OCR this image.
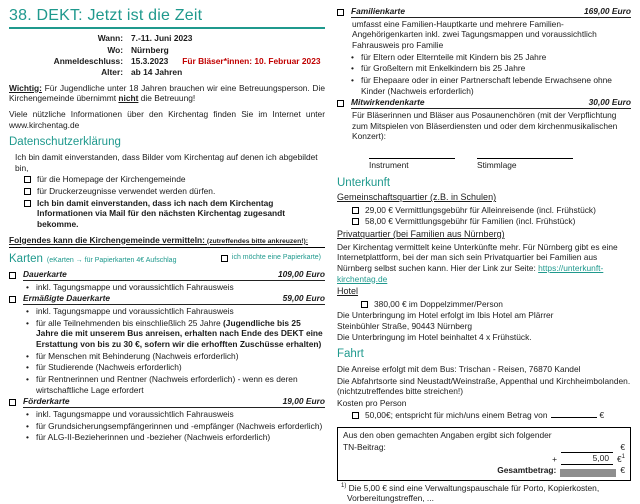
38. DEKT: Jetzt ist die Zeit
Wann: 7.-11. Juni 2023
Wo: Nürnberg
Anmeldeschluss: 15.3.2023 Für Bläser*innen: 10. Februar 2023
Alter: ab 14 Jahren
Wichtig: Für Jugendliche unter 18 Jahren brauchen wir eine Betreuungsperson. Die Kirchengemeinde übernimmt nicht die Betreuung!
Viele nützliche Informationen über den Kirchentag finden Sie im Internet unter www.kirchentag.de
Datenschutzerklärung
Ich bin damit einverstanden, dass Bilder vom Kirchentag auf denen ich abgebildet bin,
für die Homepage der Kirchengemeinde
für Druckerzeugnisse verwendet werden dürfen.
Ich bin damit einverstanden, dass ich nach dem Kirchentag Informationen via Mail für den nächsten Kirchentag zugesandt bekomme.
Folgendes kann die Kirchengemeinde vermitteln: (zutreffendes bitte ankreuzen!):
Karten (eKarten → für Papierkarten 4€ Aufschlag	ich möchte eine Papierkarte)
Dauerkarte	109,00 Euro
• inkl. Tagungsmappe und voraussichtlich Fahrausweis
Ermäßigte Dauerkarte	59,00 Euro
• inkl. Tagungsmappe und voraussichtlich Fahrausweis
• für alle Teilnehmenden bis einschließlich 25 Jahre (Jugendliche bis 25 Jahre die mit unserem Bus anreisen, erhalten nach Ende des DEKT eine Erstattung von bis zu 30 €, sofern wir die erhofften Zuschüsse erhalten)
• für Menschen mit Behinderung (Nachweis erforderlich)
• für Studierende (Nachweis erforderlich)
• für Rentnerinnen und Rentner (Nachweis erforderlich) - wenn es deren wirtschaftliche Lage erfordert
Förderkarte	19,00 Euro
• inkl. Tagungsmappe und voraussichtlich Fahrausweis
• für Grundsicherungsempfängerinnen und -empfänger (Nachweis erforderlich)
• für ALG-II-Bezieherinnen und -bezieher (Nachweis erforderlich)
Familienkarte	169,00 Euro
umfasst eine Familien-Hauptkarte und mehrere Familien-Angehörigenkarten inkl. zwei Tagungsmappen und voraussichtlich Fahrausweis pro Familie
• für Eltern oder Elternteile mit Kindern bis 25 Jahre
• für Großeltern mit Enkelkindern bis 25 Jahre
• für Ehepaare oder in einer Partnerschaft lebende Erwachsene ohne Kinder (Nachweis erforderlich)
Mitwirkendenkarte	30,00 Euro
Für Bläserinnen und Bläser aus Posaunenchören (mit der Verpflichtung zum Mitspielen von Bläserdiensten und oder dem kirchenmusikalischen Konzert):
Instrument	Stimmlage
Unterkunft
Gemeinschaftsquartier (z.B. in Schulen)
29,00 € Vermittlungsgebühr für Alleinreisende (incl. Frühstück)
58,00 € Vermittlungsgebühr für Familien (incl. Frühstück)
Privatquartier (bei Familien aus Nürnberg)
Der Kirchentag vermittelt keine Unterkünfte mehr. Für Nürnberg gibt es eine Internetplattform, bei der man sich sein Privatquartier bei Familien aus Nürnberg selbst suchen kann. Hier der Link zur Seite: https://unterkunft-kirchentag.de
Hotel
380,00 € im Doppelzimmer/Person
Die Unterbringung im Hotel erfolgt im Ibis Hotel am Plärrer
Steinbühler Straße, 90443 Nürnberg
Die Unterbringung im Hotel beinhaltet 4 x Frühstück.
Fahrt
Die Anreise erfolgt mit dem Bus: Trischan - Reisen, 76870 Kandel
Die Abfahrtsorte sind Neustadt/Weinstraße, Appenthal und Kirchheimbolanden. (nichtzutreffendes bitte streichen!)
Kosten pro Person
50,00€; entspricht für mich/uns einem Betrag von	€
Aus den oben gemachten Angaben ergibt sich folgender TN-Beitrag:	€
+	5,00 €$^1$
Gesamtbetrag:	€
$^{1)}$ Die 5,00 € sind eine Verwaltungspauschale für Porto, Kopierkosten, Vorbereitungstreffen, ...
